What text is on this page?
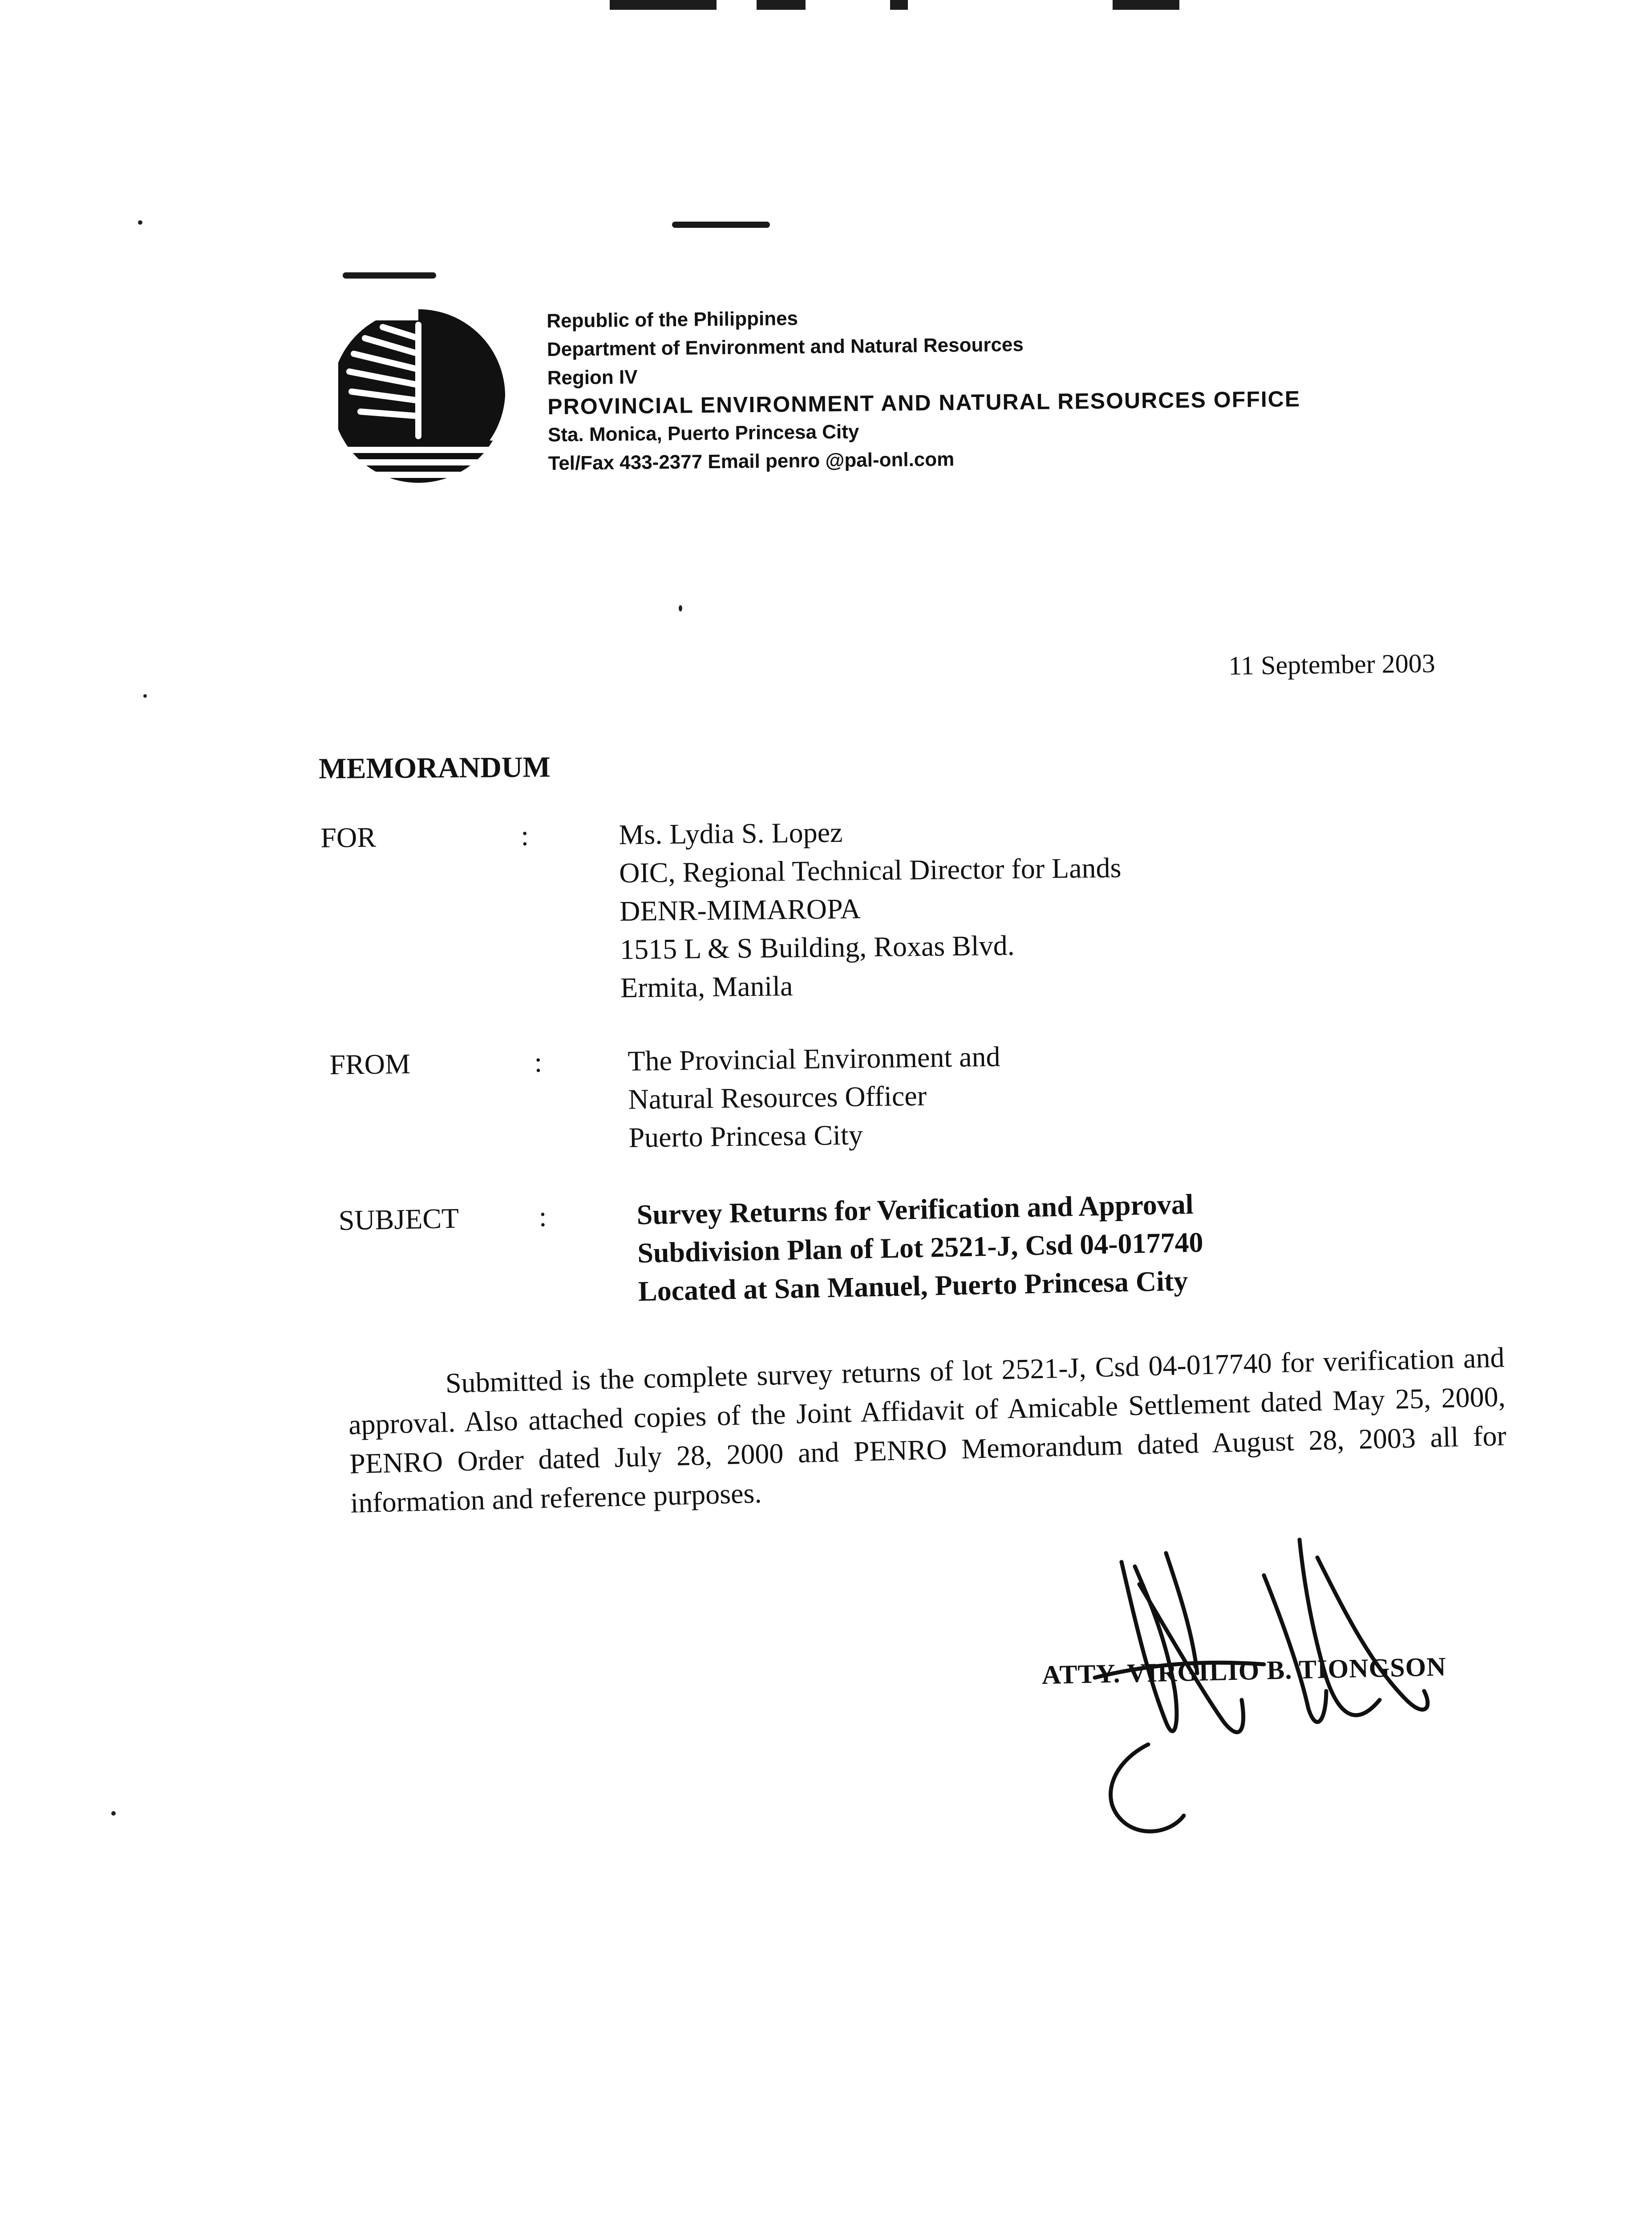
Republic of the Philippines
Department of Environment and Natural Resources
Region IV
PROVINCIAL ENVIRONMENT AND NATURAL RESOURCES OFFICE
Sta. Monica, Puerto Princesa City
Tel/Fax 433-2377 Email penro @pal-onl.com
11 September 2003
MEMORANDUM
FOR	:	Ms. Lydia S. Lopez
OIC, Regional Technical Director for Lands
DENR-MIMAROPA
1515 L & S Building, Roxas Blvd.
Ermita, Manila
FROM	:	The Provincial Environment and
Natural Resources Officer
Puerto Princesa City
SUBJECT	:	Survey Returns for Verification and Approval
Subdivision Plan of Lot 2521-J, Csd 04-017740
Located at San Manuel, Puerto Princesa City
Submitted is the complete survey returns of lot 2521-J, Csd 04-017740 for verification and approval. Also attached copies of the Joint Affidavit of Amicable Settlement dated May 25, 2000, PENRO Order dated July 28, 2000 and PENRO Memorandum dated August 28, 2003 all for information and reference purposes.
ATTY. VIRGILIO B. TIONGSON
